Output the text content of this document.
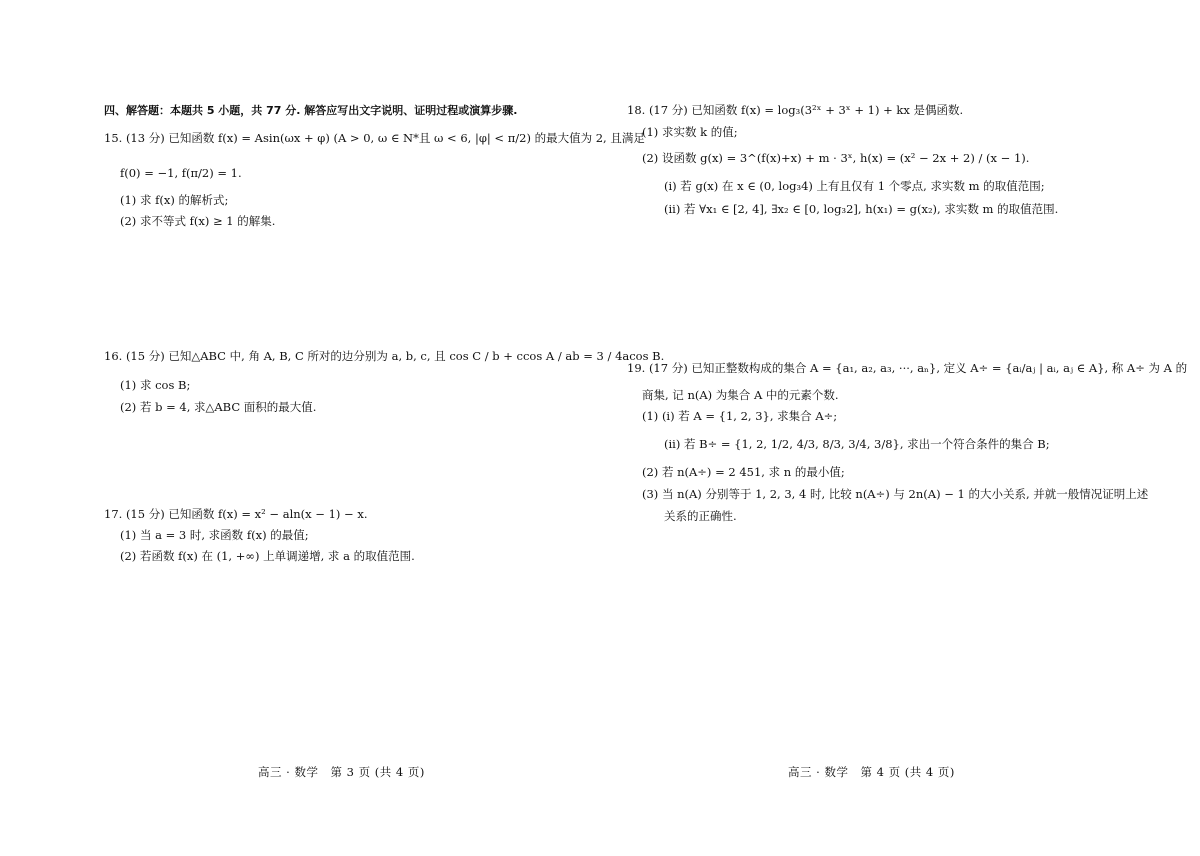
四、解答题：本题共 5 小题，共 77 分. 解答应写出文字说明、证明过程或演算步骤.
15. (13 分) 已知函数 f(x) = Asin(ωx + φ) (A > 0, ω ∈ N*且 ω < 6, |φ| < π/2) 的最大值为 2, 且满足
f(0) = −1, f(π/2) = 1.
(1) 求 f(x) 的解析式;
(2) 求不等式 f(x) ≥ 1 的解集.
16. (15 分) 已知△ABC 中, 角 A, B, C 所对的边分别为 a, b, c, 且 cos C / b + ccos A / ab = 3 / 4acos B.
(1) 求 cos B;
(2) 若 b = 4, 求△ABC 面积的最大值.
17. (15 分) 已知函数 f(x) = x² − aln(x − 1) − x.
(1) 当 a = 3 时, 求函数 f(x) 的最值;
(2) 若函数 f(x) 在 (1, +∞) 上单调递增, 求 a 的取值范围.
高三 · 数学　第 3 页 (共 4 页)
18. (17 分) 已知函数 f(x) = log₃(3²ˣ + 3ˣ + 1) + kx 是偶函数.
(1) 求实数 k 的值;
(2) 设函数 g(x) = 3^(f(x)+x) + m · 3ˣ, h(x) = (x² − 2x + 2) / (x − 1).
(i) 若 g(x) 在 x ∈ (0, log₃4) 上有且仅有 1 个零点, 求实数 m 的取值范围;
(ii) 若 ∀x₁ ∈ [2, 4], ∃x₂ ∈ [0, log₃2], h(x₁) = g(x₂), 求实数 m 的取值范围.
19. (17 分) 已知正整数构成的集合 A = {a₁, a₂, a₃, ···, aₙ}, 定义 A÷ = {aᵢ/aⱼ | aᵢ, aⱼ ∈ A}, 称 A÷ 为 A 的
商集, 记 n(A) 为集合 A 中的元素个数.
(1) (i) 若 A = {1, 2, 3}, 求集合 A÷;
(ii) 若 B÷ = {1, 2, 1/2, 4/3, 8/3, 3/4, 3/8}, 求出一个符合条件的集合 B;
(2) 若 n(A÷) = 2 451, 求 n 的最小值;
(3) 当 n(A) 分别等于 1, 2, 3, 4 时, 比较 n(A÷) 与 2n(A) − 1 的大小关系, 并就一般情况证明上述
关系的正确性.
高三 · 数学　第 4 页 (共 4 页)
